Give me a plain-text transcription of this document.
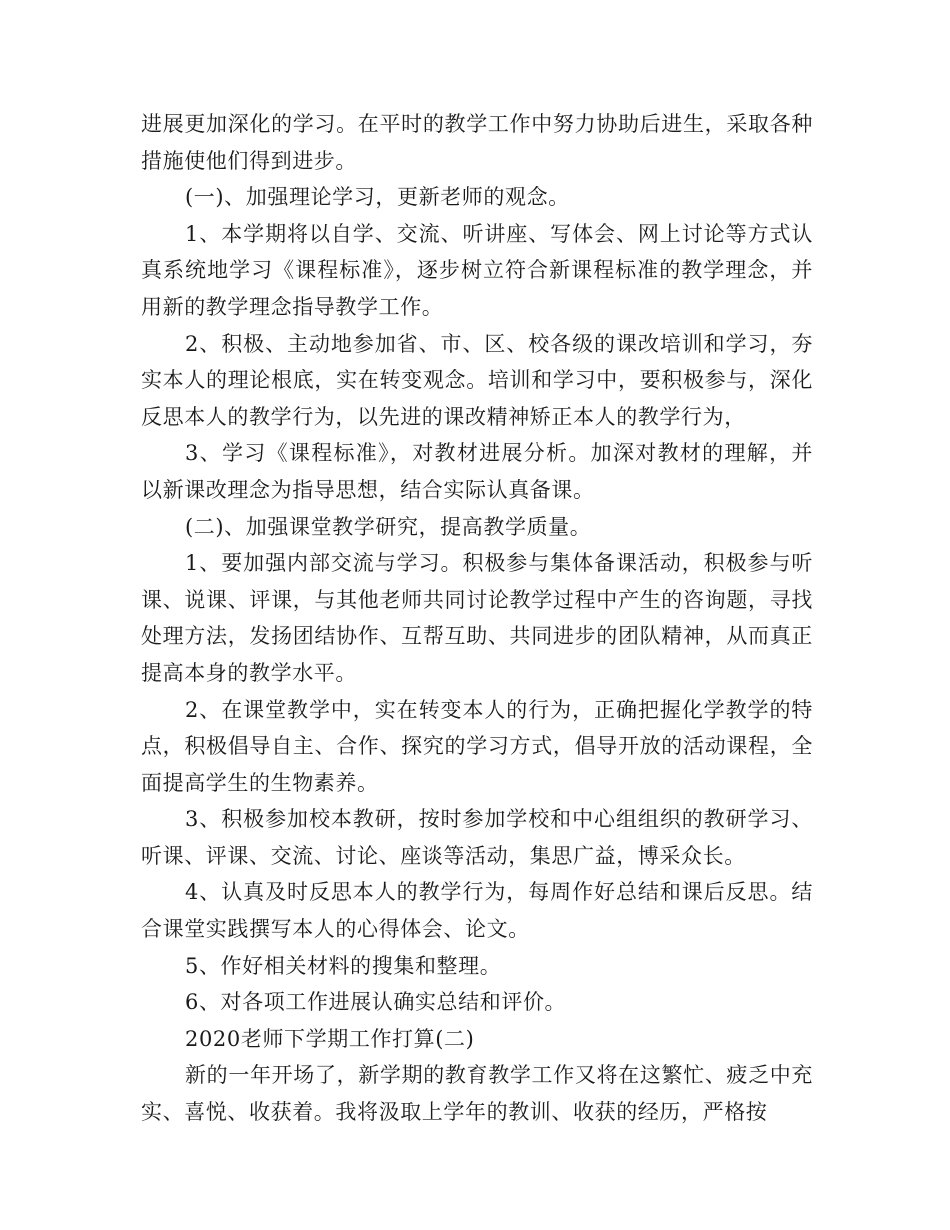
进展更加深化的学习。在平时的教学工作中努力协助后进生，采取各种措施使他们得到进步。

(一)、加强理论学习，更新老师的观念。

1、本学期将以自学、交流、听讲座、写体会、网上讨论等方式认真系统地学习《课程标准》，逐步树立符合新课程标准的教学理念，并用新的教学理念指导教学工作。

2、积极、主动地参加省、市、区、校各级的课改培训和学习，夯实本人的理论根底，实在转变观念。培训和学习中，要积极参与，深化反思本人的教学行为，以先进的课改精神矫正本人的教学行为，

3、学习《课程标准》，对教材进展分析。加深对教材的理解，并以新课改理念为指导思想，结合实际认真备课。

(二)、加强课堂教学研究，提高教学质量。

1、要加强内部交流与学习。积极参与集体备课活动，积极参与听课、说课、评课，与其他老师共同讨论教学过程中产生的咨询题，寻找处理方法，发扬团结协作、互帮互助、共同进步的团队精神，从而真正提高本身的教学水平。

2、在课堂教学中，实在转变本人的行为，正确把握化学教学的特点，积极倡导自主、合作、探究的学习方式，倡导开放的活动课程，全面提高学生的生物素养。

3、积极参加校本教研，按时参加学校和中心组组织的教研学习、听课、评课、交流、讨论、座谈等活动，集思广益，博采众长。

4、认真及时反思本人的教学行为，每周作好总结和课后反思。结合课堂实践撰写本人的心得体会、论文。

5、作好相关材料的搜集和整理。

6、对各项工作进展认确实总结和评价。

2020老师下学期工作打算(二)

新的一年开场了，新学期的教育教学工作又将在这繁忙、疲乏中充实、喜悦、收获着。我将汲取上学年的教训、收获的经历，严格按
